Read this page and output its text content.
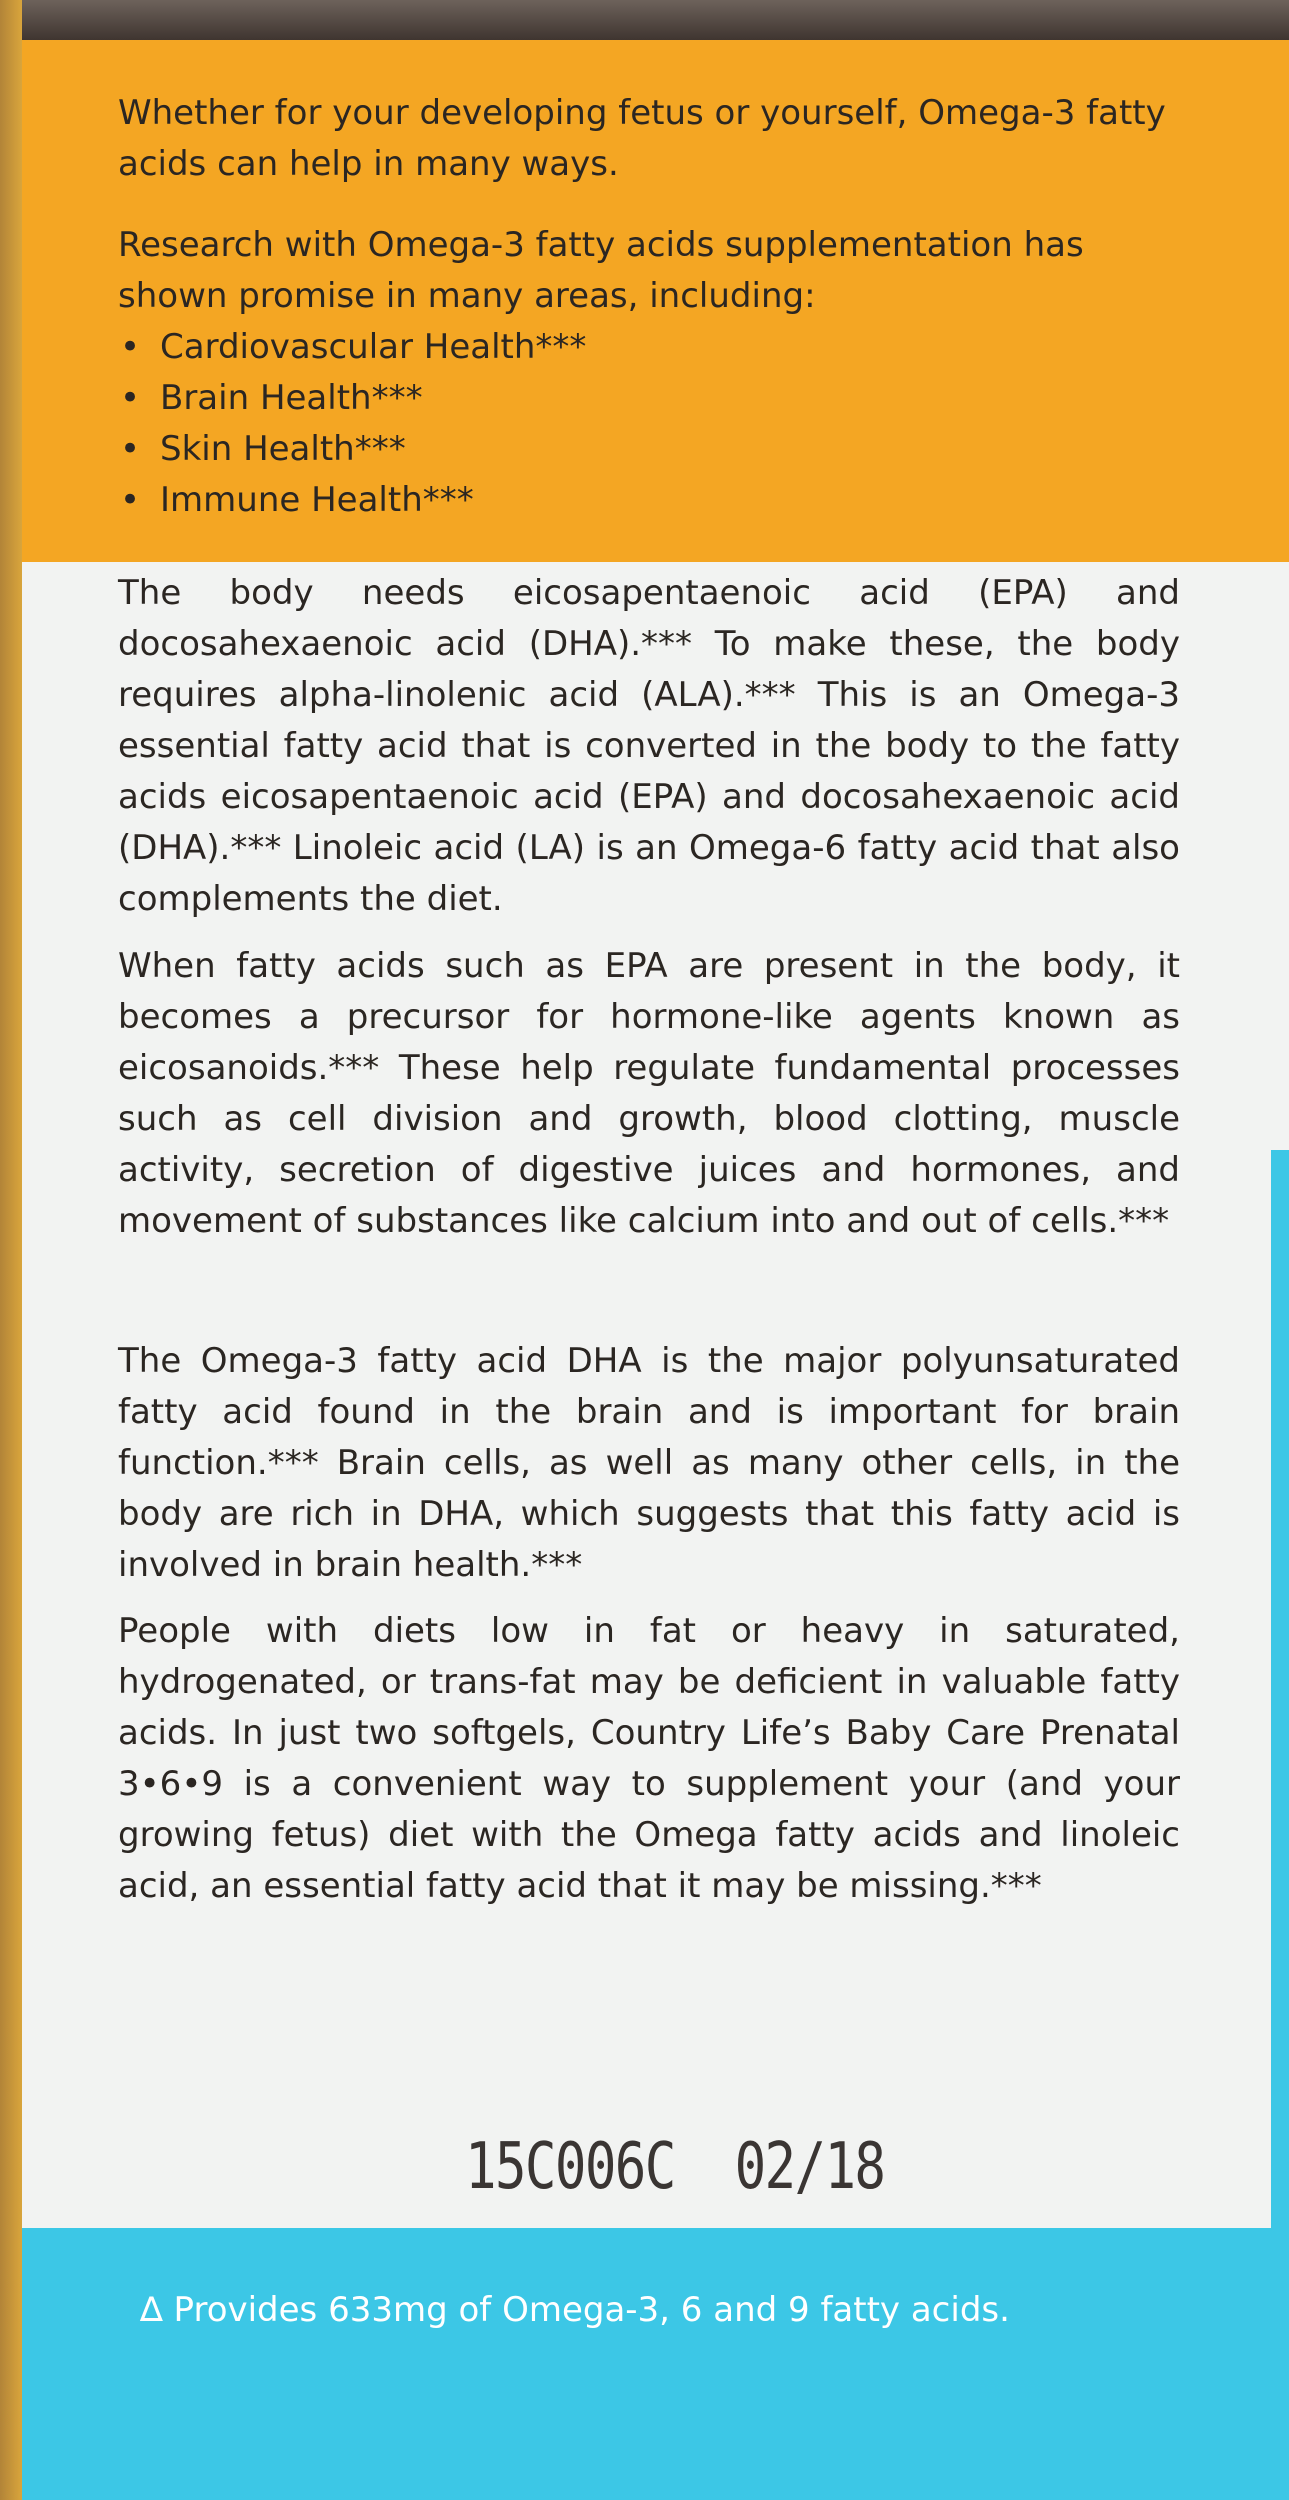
Whether for your developing fetus or yourself, Omega-3 fatty acids can help in many ways.

Research with Omega-3 fatty acids supplementation has shown promise in many areas, including:

• Cardiovascular Health***
• Brain Health***
• Skin Health***
• Immune Health***

The body needs eicosapentaenoic acid (EPA) and docosahexaenoic acid (DHA).*** To make these, the body requires alpha-linolenic acid (ALA).*** This is an Omega-3 essential fatty acid that is converted in the body to the fatty acids eicosapentaenoic acid (EPA) and docosahexaenoic acid (DHA).*** Linoleic acid (LA) is an Omega-6 fatty acid that also complements the diet.

When fatty acids such as EPA are present in the body, it becomes a precursor for hormone-like agents known as eicosanoids.*** These help regulate fundamental processes such as cell division and growth, blood clotting, muscle activity, secretion of digestive juices and hormones, and movement of substances like calcium into and out of cells.***

The Omega-3 fatty acid DHA is the major polyunsaturated fatty acid found in the brain and is important for brain function.*** Brain cells, as well as many other cells, in the body are rich in DHA, which suggests that this fatty acid is involved in brain health.***

People with diets low in fat or heavy in saturated, hydrogenated, or trans-fat may be deficient in valuable fatty acids. In just two softgels, Country Life’s Baby Care Prenatal 3•6•9 is a convenient way to supplement your (and your growing fetus) diet with the Omega fatty acids and linoleic acid, an essential fatty acid that it may be missing.***

15C006C  02/18
∆ Provides 633mg of Omega-3, 6 and 9 fatty acids.
